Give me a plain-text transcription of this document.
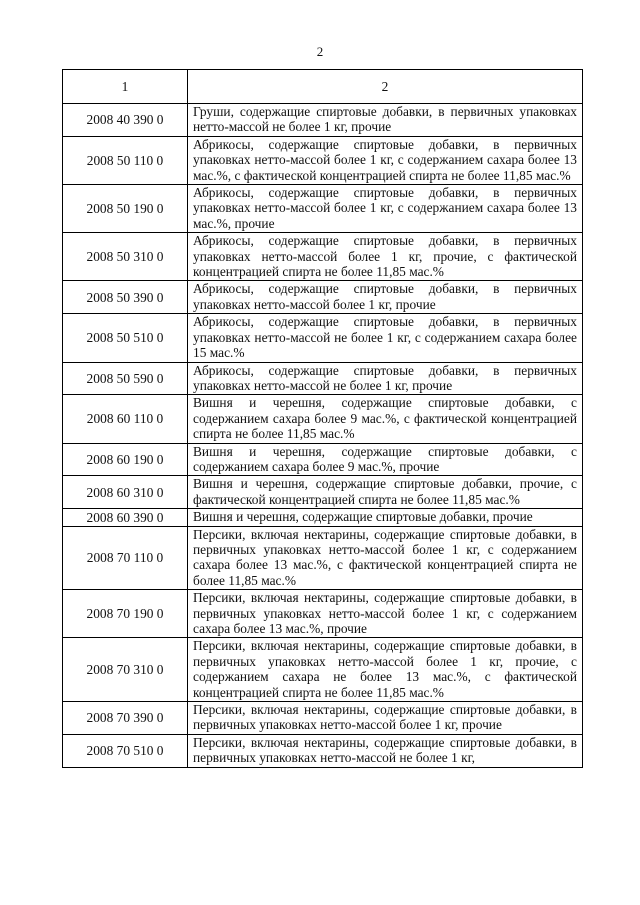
2
1	2
2008 40 390 0	Груши, содержащие спиртовые добавки, в первичных упаковках нетто-массой не более 1 кг, прочие
2008 50 110 0	Абрикосы, содержащие спиртовые добавки, в первичных упаковках нетто-массой более 1 кг, с содержанием сахара более 13 мас.%, с фактической концентрацией спирта не более 11,85 мас.%
2008 50 190 0	Абрикосы, содержащие спиртовые добавки, в первичных упаковках нетто-массой более 1 кг, с содержанием сахара более 13 мас.%, прочие
2008 50 310 0	Абрикосы, содержащие спиртовые добавки, в первичных упаковках нетто-массой более 1 кг, прочие, с фактической концентрацией спирта не более 11,85 мас.%
2008 50 390 0	Абрикосы, содержащие спиртовые добавки, в первичных упаковках нетто-массой более 1 кг, прочие
2008 50 510 0	Абрикосы, содержащие спиртовые добавки, в первичных упаковках нетто-массой не более 1 кг, с содержанием сахара более 15 мас.%
2008 50 590 0	Абрикосы, содержащие спиртовые добавки, в первичных упаковках нетто-массой не более 1 кг, прочие
2008 60 110 0	Вишня и черешня, содержащие спиртовые добавки, с содержанием сахара более 9 мас.%, с фактической концентрацией спирта не более 11,85 мас.%
2008 60 190 0	Вишня и черешня, содержащие спиртовые добавки, с содержанием сахара более 9 мас.%, прочие
2008 60 310 0	Вишня и черешня, содержащие спиртовые добавки, прочие, с фактической концентрацией спирта не более 11,85 мас.%
2008 60 390 0	Вишня и черешня, содержащие спиртовые добавки, прочие
2008 70 110 0	Персики, включая нектарины, содержащие спиртовые добавки, в первичных упаковках нетто-массой более 1 кг, с содержанием сахара более 13 мас.%, с фактической концентрацией спирта не более 11,85 мас.%
2008 70 190 0	Персики, включая нектарины, содержащие спиртовые добавки, в первичных упаковках нетто-массой более 1 кг, с содержанием сахара более 13 мас.%, прочие
2008 70 310 0	Персики, включая нектарины, содержащие спиртовые добавки, в первичных упаковках нетто-массой более 1 кг, прочие, с содержанием сахара не более 13 мас.%, с фактической концентрацией спирта не более 11,85 мас.%
2008 70 390 0	Персики, включая нектарины, содержащие спиртовые добавки, в первичных упаковках нетто-массой более 1 кг, прочие
2008 70 510 0	Персики, включая нектарины, содержащие спиртовые добавки, в первичных упаковках нетто-массой не более 1 кг,
